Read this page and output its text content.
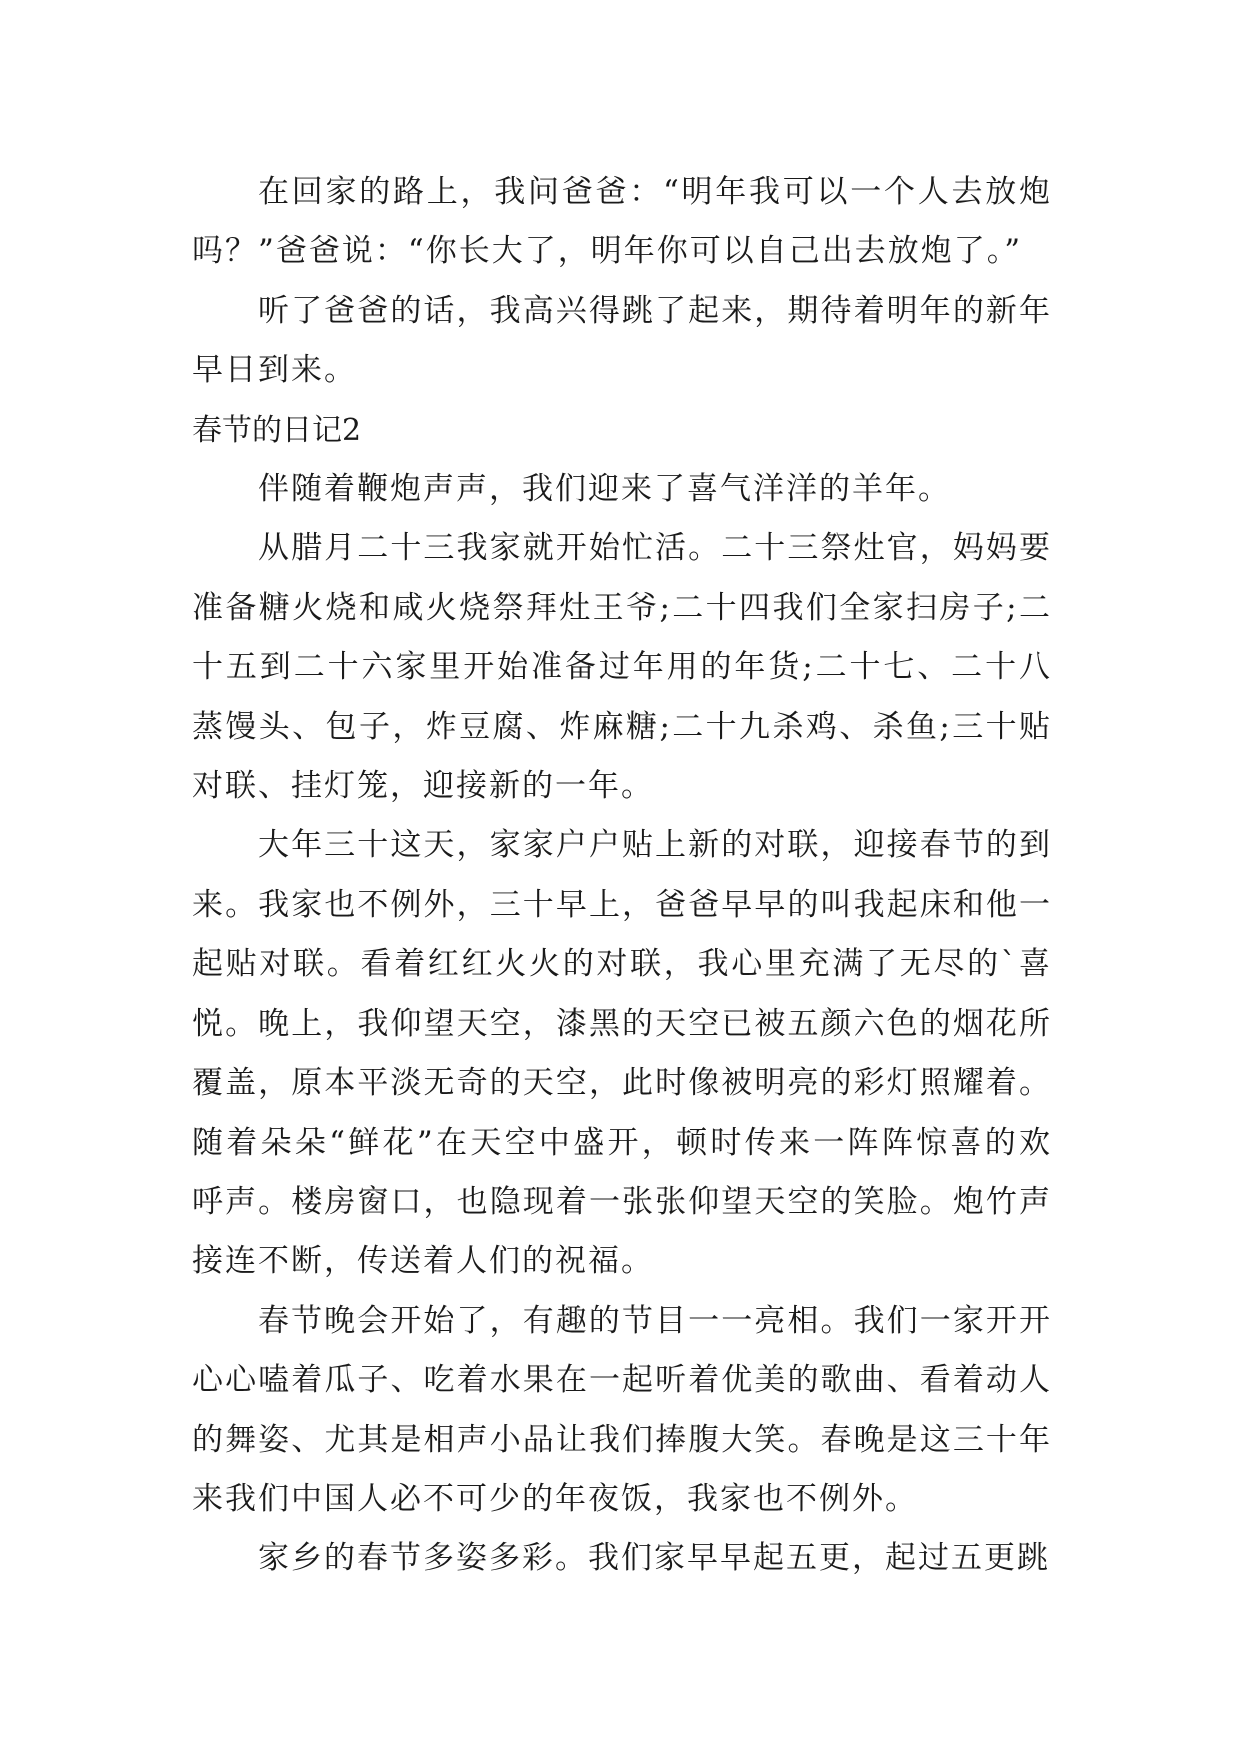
在回家的路上，我问爸爸：“明年我可以一个人去放炮吗？”爸爸说：“你长大了，明年你可以自己出去放炮了。”

听了爸爸的话，我高兴得跳了起来，期待着明年的新年早日到来。

春节的日记2

伴随着鞭炮声声，我们迎来了喜气洋洋的羊年。

从腊月二十三我家就开始忙活。二十三祭灶官，妈妈要准备糖火烧和咸火烧祭拜灶王爷;二十四我们全家扫房子;二十五到二十六家里开始准备过年用的年货;二十七、二十八蒸馒头、包子，炸豆腐、炸麻糖;二十九杀鸡、杀鱼;三十贴对联、挂灯笼，迎接新的一年。

大年三十这天，家家户户贴上新的对联，迎接春节的到来。我家也不例外，三十早上，爸爸早早的叫我起床和他一起贴对联。看着红红火火的对联，我心里充满了无尽的`喜悦。晚上，我仰望天空，漆黑的天空已被五颜六色的烟花所覆盖，原本平淡无奇的天空，此时像被明亮的彩灯照耀着。随着朵朵“鲜花”在天空中盛开，顿时传来一阵阵惊喜的欢呼声。楼房窗口，也隐现着一张张仰望天空的笑脸。炮竹声接连不断，传送着人们的祝福。

春节晚会开始了，有趣的节目一一亮相。我们一家开开心心嗑着瓜子、吃着水果在一起听着优美的歌曲、看着动人的舞姿、尤其是相声小品让我们捧腹大笑。春晚是这三十年来我们中国人必不可少的年夜饭，我家也不例外。

家乡的春节多姿多彩。我们家早早起五更，起过五更跳
